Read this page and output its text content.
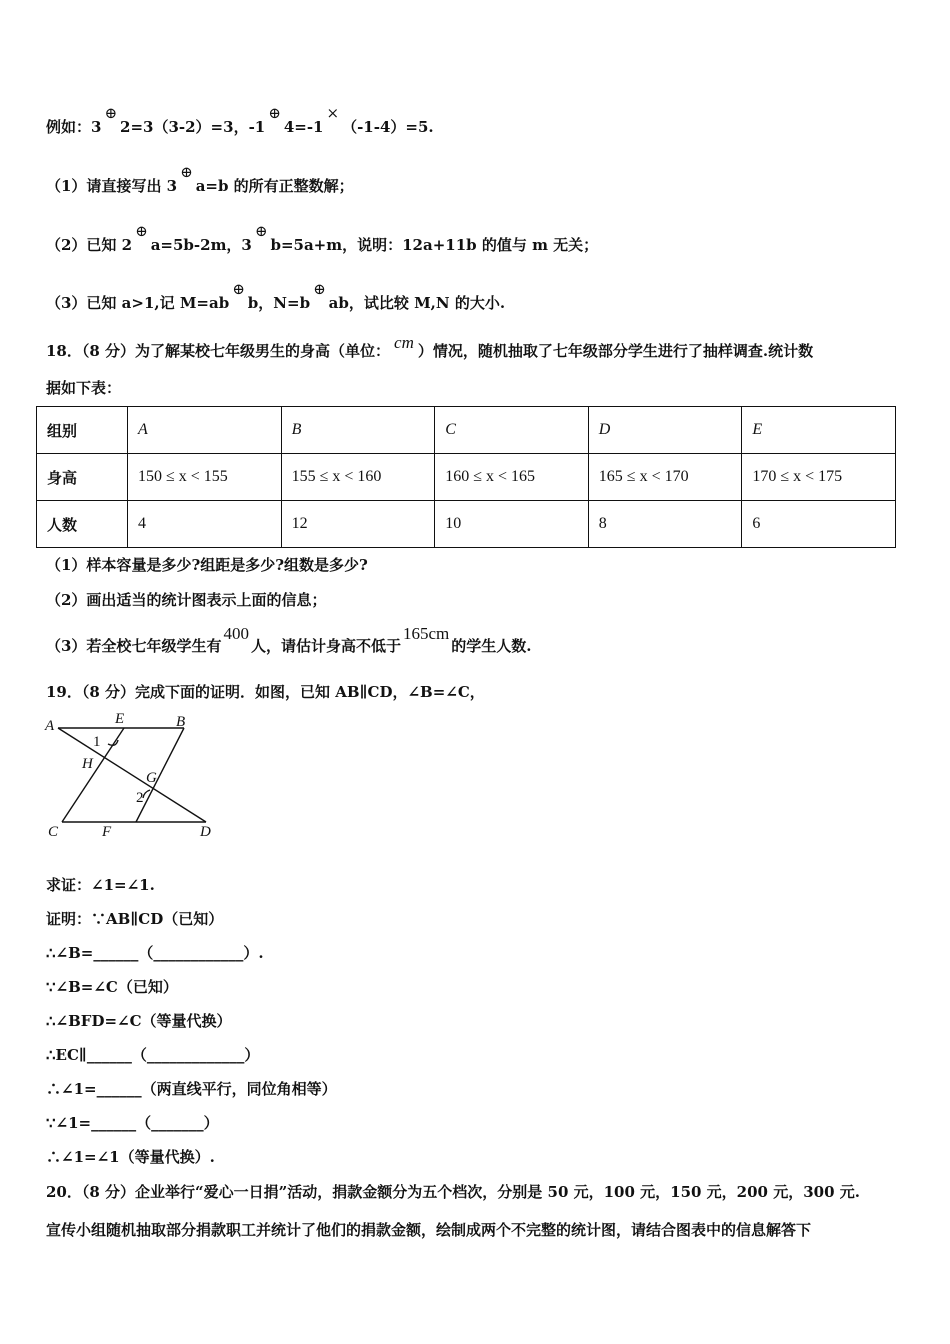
例如：3⊕2=3（3-2）=3，-1⊕4=-1×（-1-4）=5.
（1）请直接写出 3⊕a=b 的所有正整数解；
（2）已知 2⊕a=5b-2m，3⊕b=5a+m，说明：12a+11b 的值与 m 无关；
（3）已知 a>1,记 M=ab⊕b，N=b⊕ab，试比较 M,N 的大小.
18．（8 分）为了解某校七年级男生的身高（单位： cm ）情况，随机抽取了七年级部分学生进行了抽样调查.统计数
据如下表：
组别	A	B	C	D	E
身高	150 ≤ x < 155	155 ≤ x < 160	160 ≤ x < 165	165 ≤ x < 170	170 ≤ x < 175
人数	4	12	10	8	6
（1）样本容量是多少?组距是多少?组数是多少?
（2）画出适当的统计图表示上面的信息；
（3）若全校七年级学生有400人，请估计身高不低于165cm的学生人数.
19．（8 分）完成下面的证明．如图，已知 AB∥CD，∠B=∠C，
A	E	B
1
H
G
2
C	F	D
求证：∠1=∠1.
证明：∵AB∥CD（已知）
∴∠B=______（____________）.
∵∠B=∠C（已知）
∴∠BFD=∠C（等量代换）
∴EC∥______（_____________）
∴∠1=______（两直线平行，同位角相等）
∵∠1=______（_______）
∴∠1=∠1（等量代换）.
20．（8 分）企业举行“爱心一日捐”活动，捐款金额分为五个档次，分别是 50 元，100 元，150 元，200 元，300 元.
宣传小组随机抽取部分捐款职工并统计了他们的捐款金额，绘制成两个不完整的统计图，请结合图表中的信息解答下
